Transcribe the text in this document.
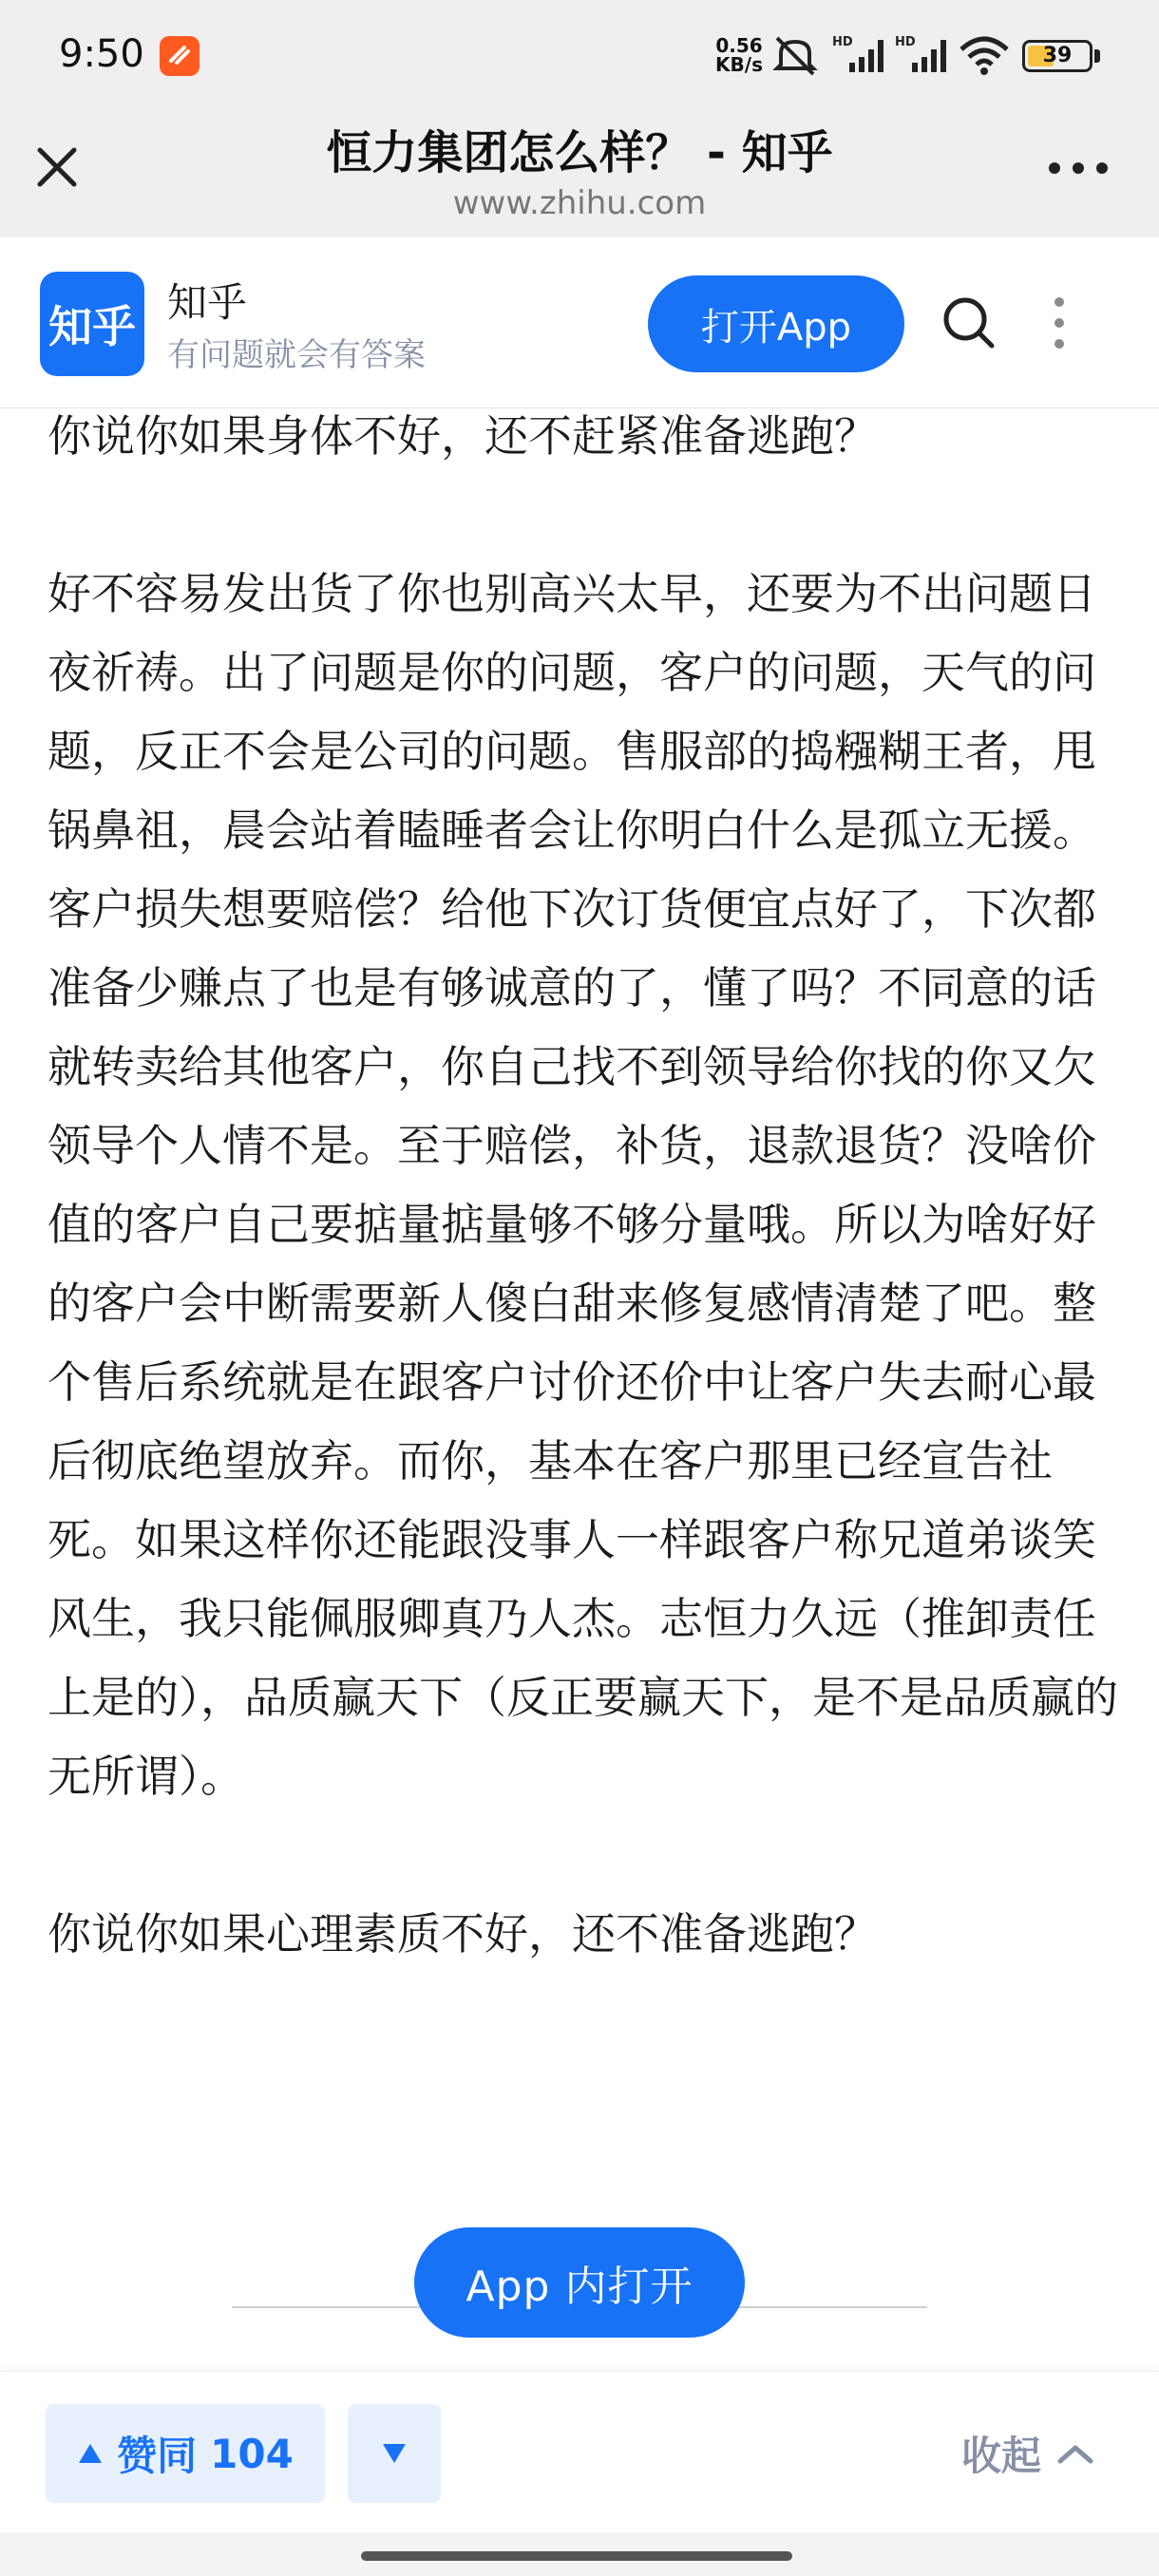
9:50	0.56
KB/s
HD	HD
39
恒力集团怎么样？ - 知乎
www.zhihu.com
知乎 知乎
有问题就会有答案
打开App

你说你如果身体不好，还不赶紧准备逃跑？

好不容易发出货了你也别高兴太早，还要为不出问题日夜祈祷。出了问题是你的问题，客户的问题，天气的问题，反正不会是公司的问题。售服部的捣糨糊王者，甩锅鼻祖，晨会站着瞌睡者会让你明白什么是孤立无援。客户损失想要赔偿？给他下次订货便宜点好了，下次都准备少赚点了也是有够诚意的了，懂了吗？不同意的话就转卖给其他客户，你自己找不到领导给你找的你又欠领导个人情不是。至于赔偿，补货，退款退货？没啥价值的客户自己要掂量掂量够不够分量哦。所以为啥好好的客户会中断需要新人傻白甜来修复感情清楚了吧。整个售后系统就是在跟客户讨价还价中让客户失去耐心最后彻底绝望放弃。而你，基本在客户那里已经宣告社死。如果这样你还能跟没事人一样跟客户称兄道弟谈笑风生，我只能佩服卿真乃人杰。志恒力久远（推卸责任上是的），品质赢天下（反正要赢天下，是不是品质赢的无所谓）。

你说你如果心理素质不好，还不准备逃跑？

App 内打开
赞同 104	收起
